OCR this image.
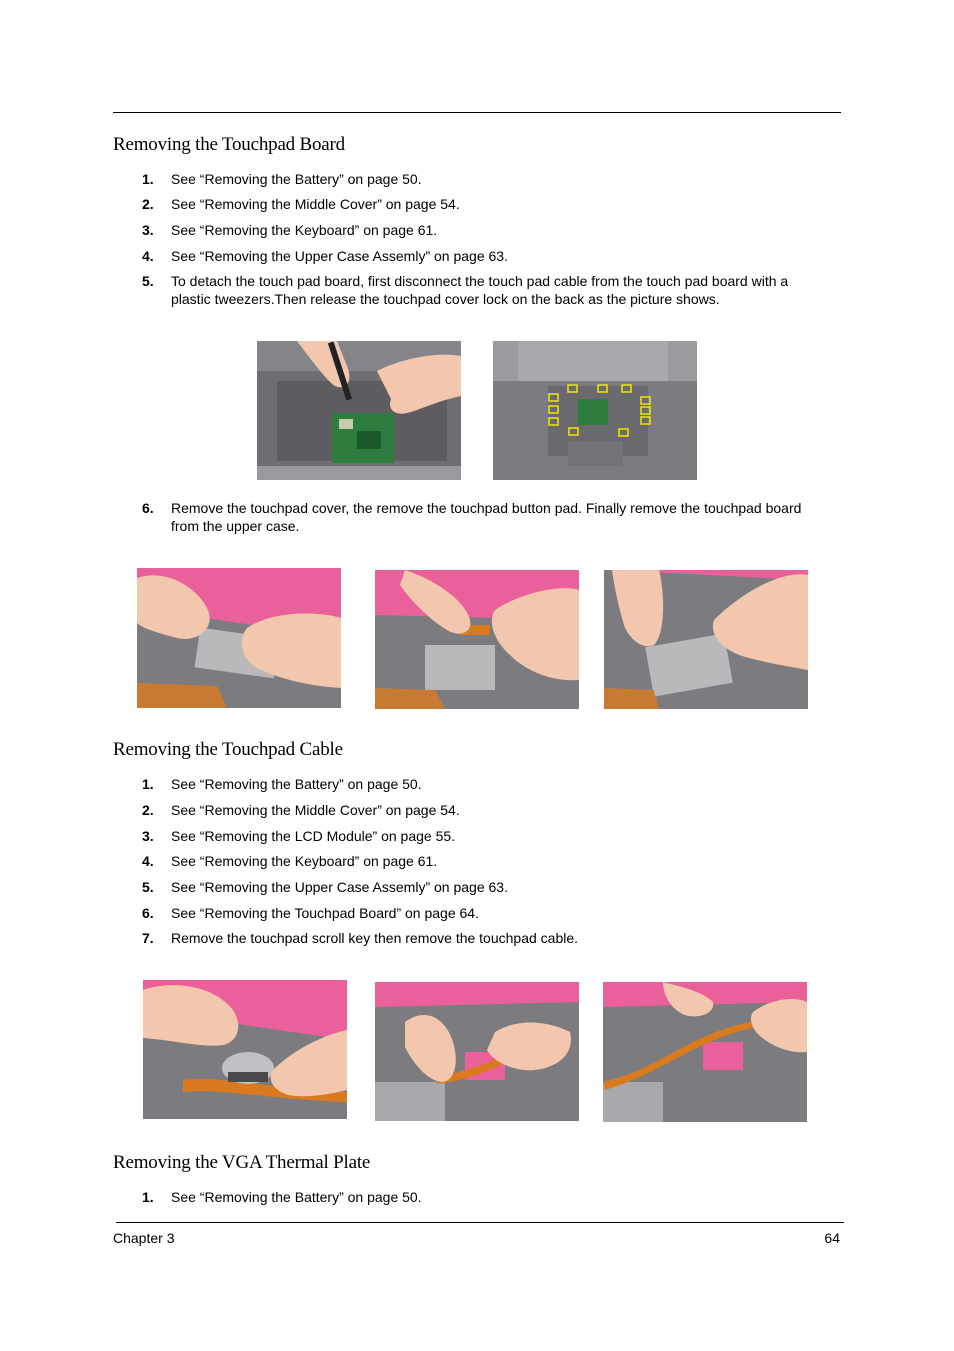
Removing the Touchpad Board
1. See “Removing the Battery” on page 50.
2. See “Removing the Middle Cover” on page 54.
3. See “Removing the Keyboard” on page 61.
4. See “Removing the Upper Case Assemly” on page 63.
5. To detach the touch pad board, first disconnect the touch pad cable from the touch pad board with a plastic tweezers.Then release the touchpad cover lock on the back as the picture shows.
6. Remove the touchpad cover, the remove the touchpad button pad. Finally remove the touchpad board from the upper case.
Removing the Touchpad Cable
1. See “Removing the Battery” on page 50.
2. See “Removing the Middle Cover” on page 54.
3. See “Removing the LCD Module” on page 55.
4. See “Removing the Keyboard” on page 61.
5. See “Removing the Upper Case Assemly” on page 63.
6. See “Removing the Touchpad Board” on page 64.
7. Remove the touchpad scroll key then remove the touchpad cable.
Removing the VGA Thermal Plate
1. See “Removing the Battery” on page 50.
Chapter 3	64
